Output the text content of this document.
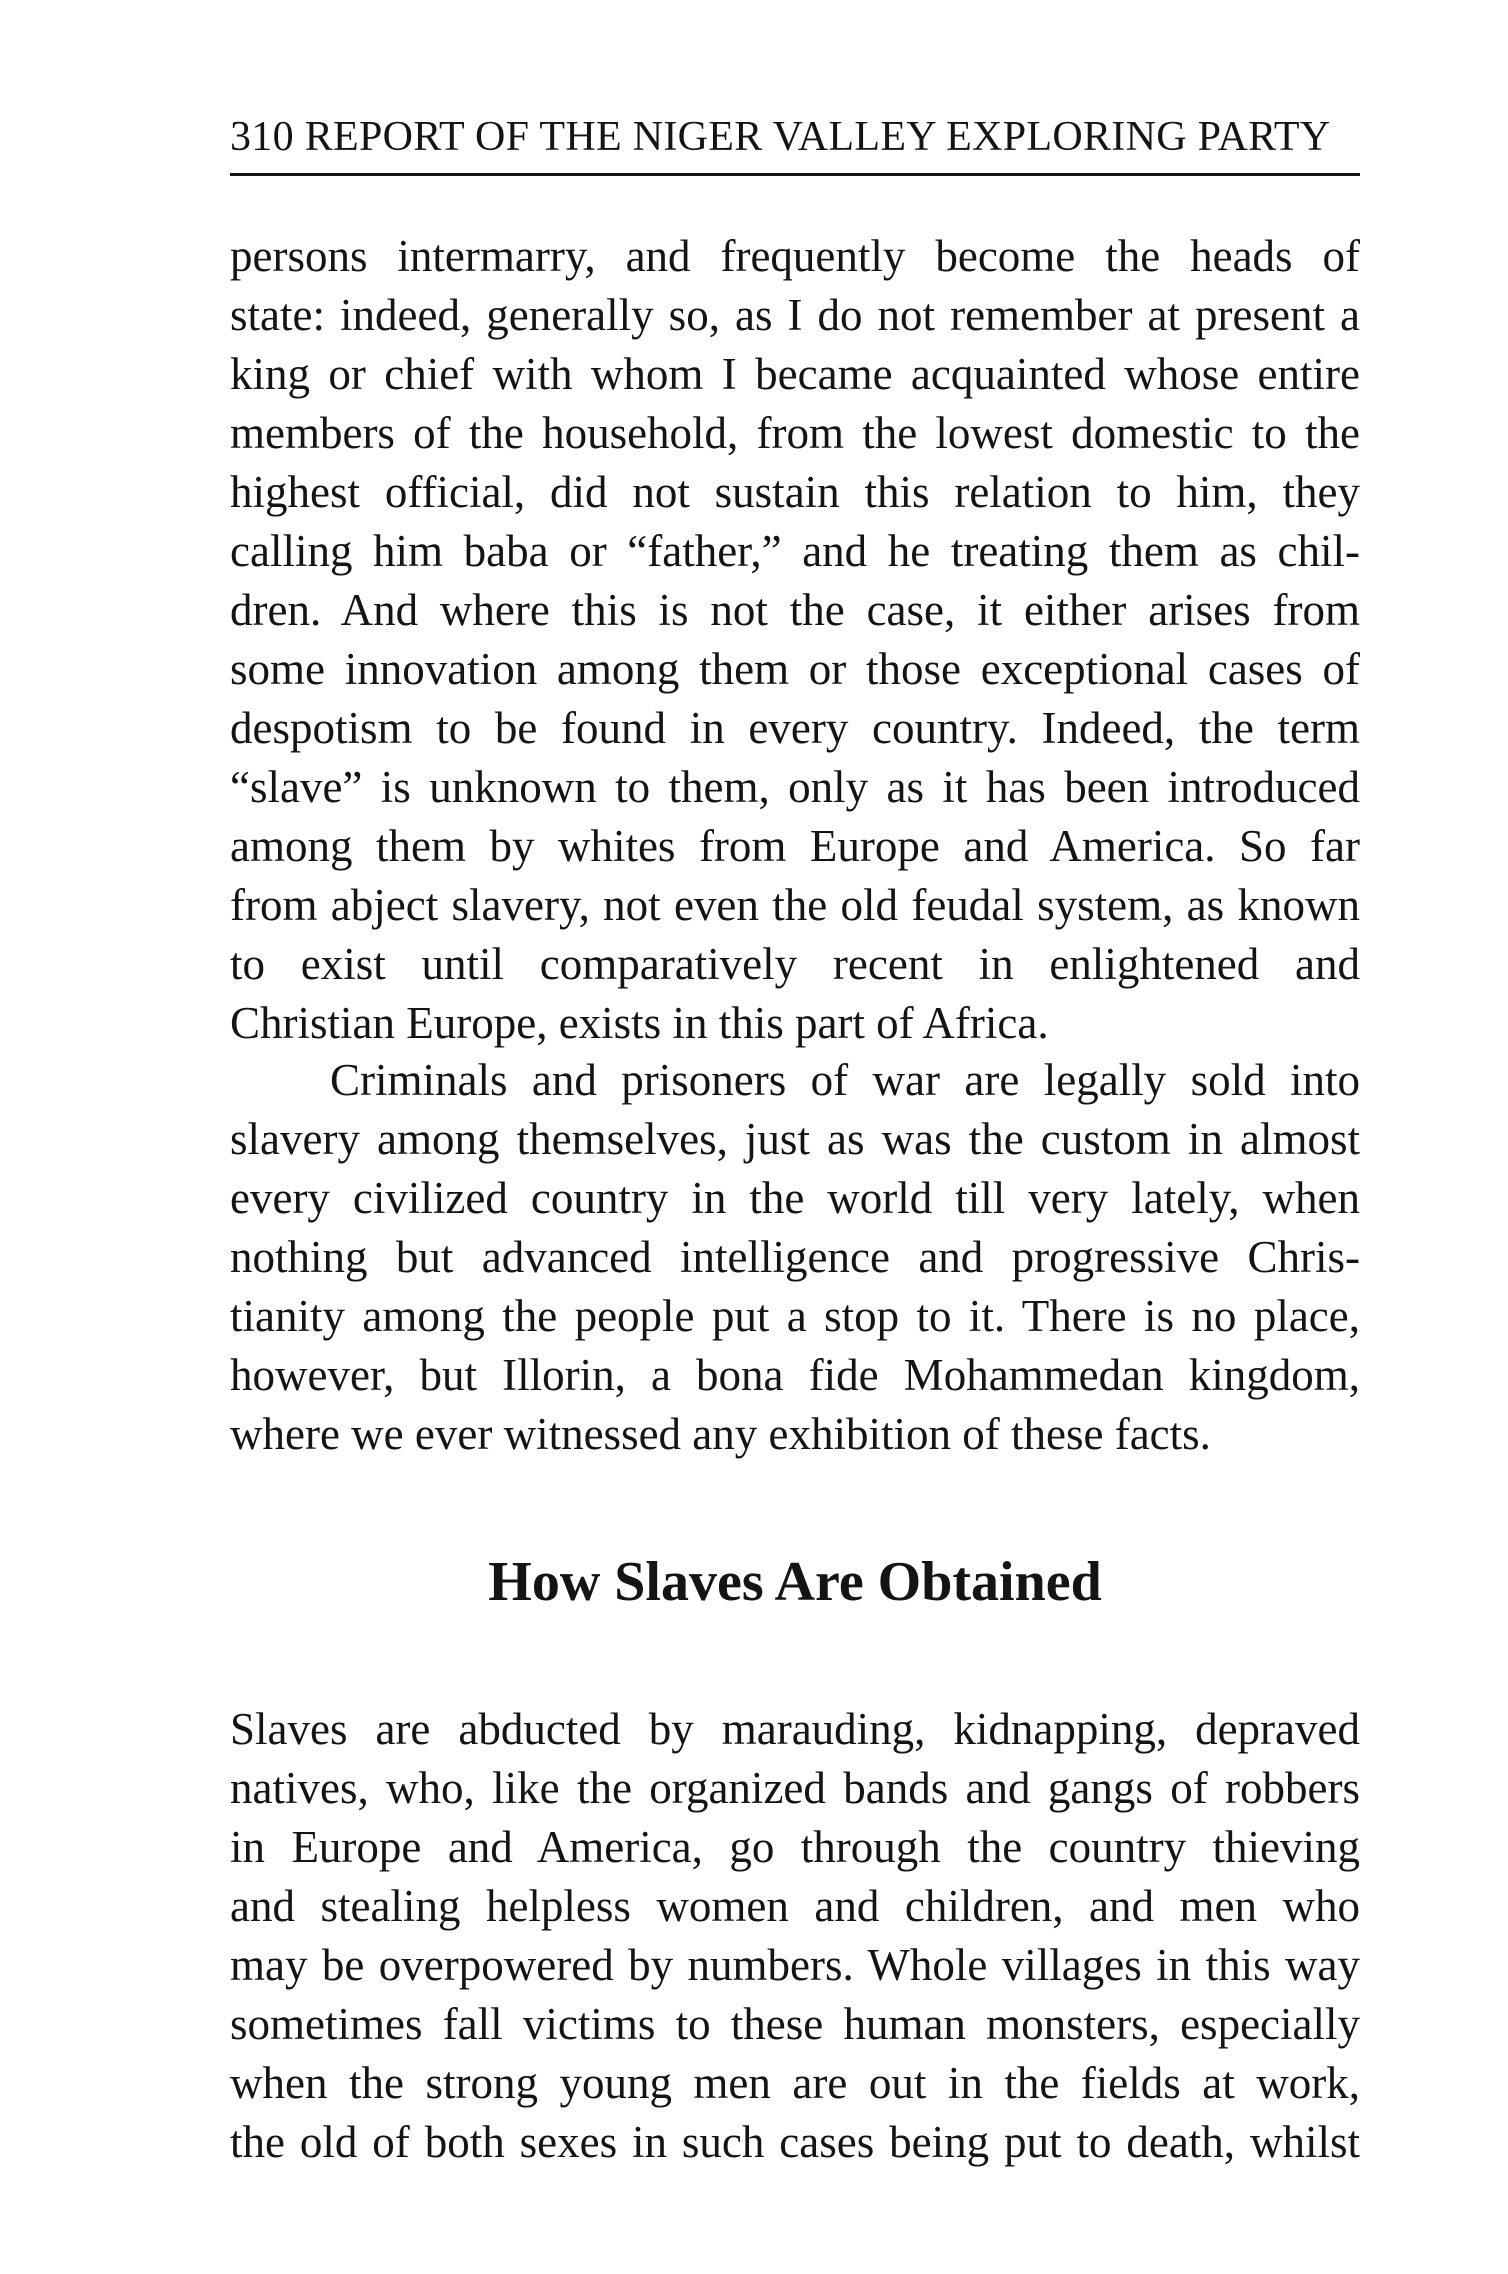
310 REPORT OF THE NIGER VALLEY EXPLORING PARTY
persons intermarry, and frequently become the heads of
state: indeed, generally so, as I do not remember at present a
king or chief with whom I became acquainted whose entire
members of the household, from the lowest domestic to the
highest official, did not sustain this relation to him, they
calling him baba or “father,” and he treating them as chil-
dren. And where this is not the case, it either arises from
some innovation among them or those exceptional cases of
despotism to be found in every country. Indeed, the term
“slave” is unknown to them, only as it has been introduced
among them by whites from Europe and America. So far
from abject slavery, not even the old feudal system, as known
to exist until comparatively recent in enlightened and
Christian Europe, exists in this part of Africa.
Criminals and prisoners of war are legally sold into
slavery among themselves, just as was the custom in almost
every civilized country in the world till very lately, when
nothing but advanced intelligence and progressive Chris-
tianity among the people put a stop to it. There is no place,
however, but Illorin, a bona fide Mohammedan kingdom,
where we ever witnessed any exhibition of these facts.
How Slaves Are Obtained
Slaves are abducted by marauding, kidnapping, depraved
natives, who, like the organized bands and gangs of robbers
in Europe and America, go through the country thieving
and stealing helpless women and children, and men who
may be overpowered by numbers. Whole villages in this way
sometimes fall victims to these human monsters, especially
when the strong young men are out in the fields at work,
the old of both sexes in such cases being put to death, whilst
